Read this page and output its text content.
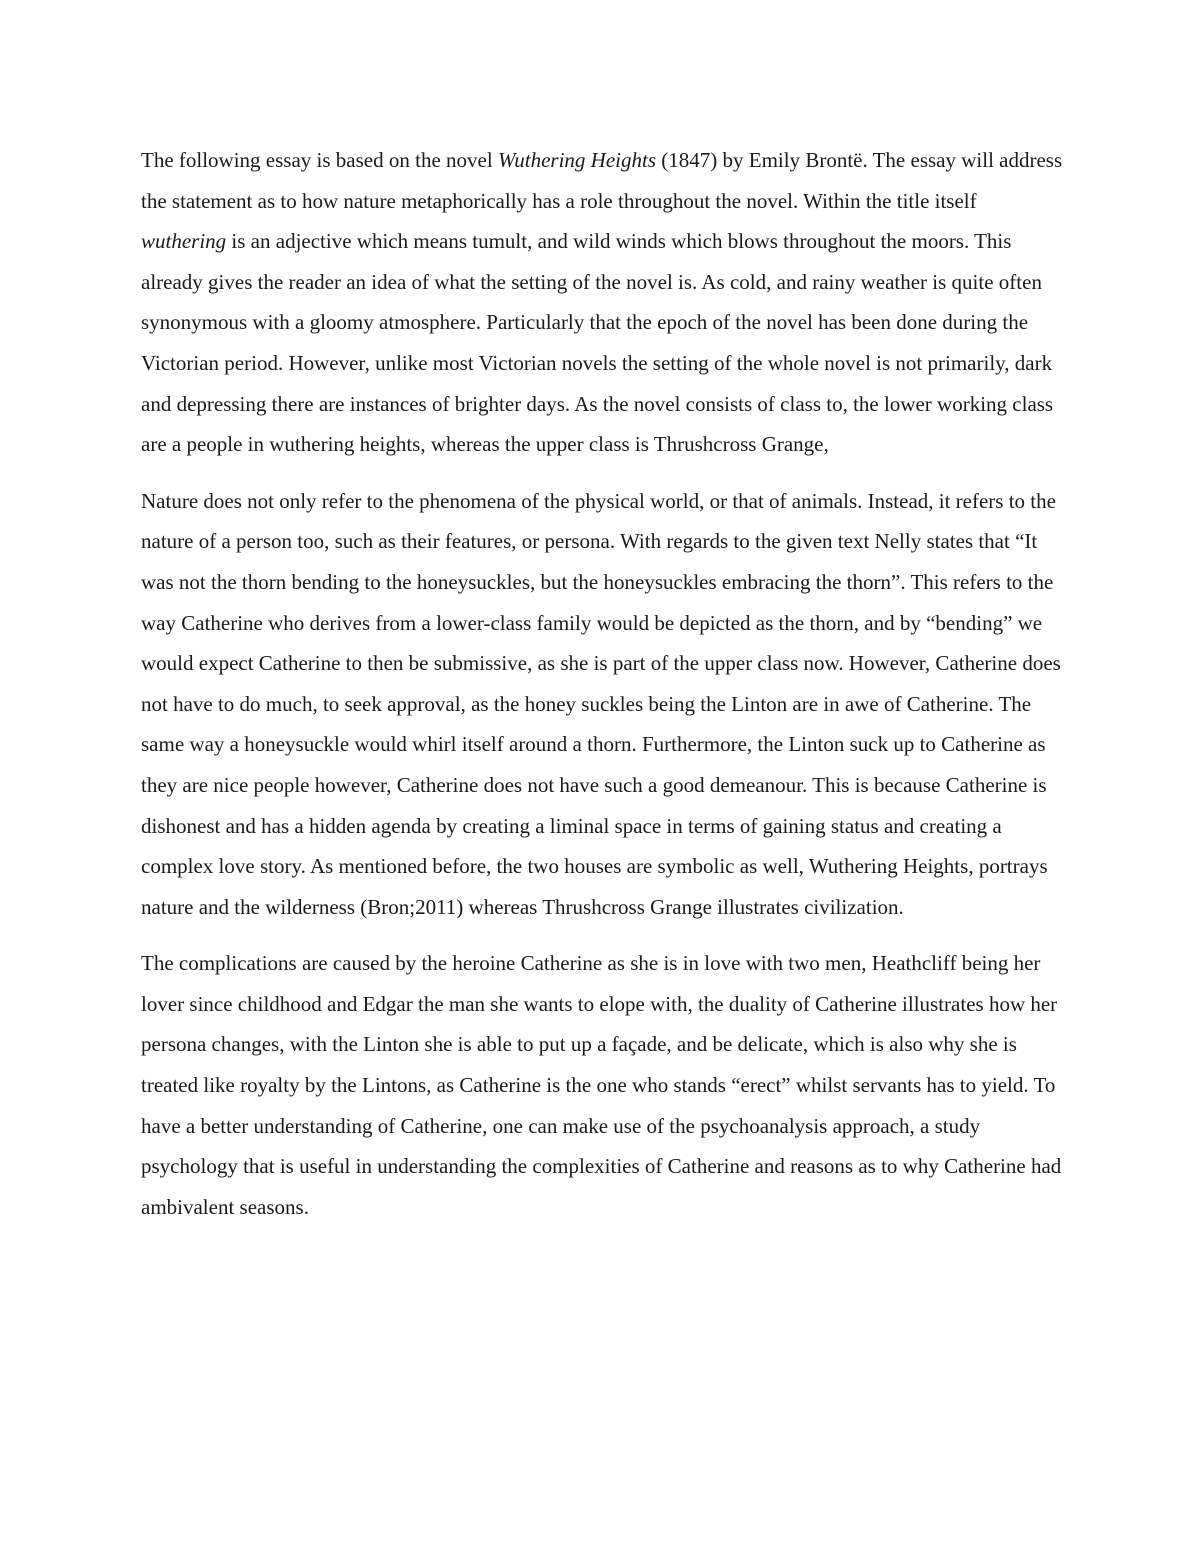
The following essay is based on the novel Wuthering Heights (1847) by Emily Brontë. The essay will address the statement as to how nature metaphorically has a role throughout the novel. Within the title itself wuthering is an adjective which means tumult, and wild winds which blows throughout the moors. This already gives the reader an idea of what the setting of the novel is. As cold, and rainy weather is quite often synonymous with a gloomy atmosphere. Particularly that the epoch of the novel has been done during the Victorian period. However, unlike most Victorian novels the setting of the whole novel is not primarily, dark and depressing there are instances of brighter days. As the novel consists of class to, the lower working class are a people in wuthering heights, whereas the upper class is Thrushcross Grange,

Nature does not only refer to the phenomena of the physical world, or that of animals. Instead, it refers to the nature of a person too, such as their features, or persona. With regards to the given text Nelly states that “It was not the thorn bending to the honeysuckles, but the honeysuckles embracing the thorn”. This refers to the way Catherine who derives from a lower-class family would be depicted as the thorn, and by “bending” we would expect Catherine to then be submissive, as she is part of the upper class now. However, Catherine does not have to do much, to seek approval, as the honey suckles being the Linton are in awe of Catherine. The same way a honeysuckle would whirl itself around a thorn. Furthermore, the Linton suck up to Catherine as they are nice people however, Catherine does not have such a good demeanour. This is because Catherine is dishonest and has a hidden agenda by creating a liminal space in terms of gaining status and creating a complex love story. As mentioned before, the two houses are symbolic as well, Wuthering Heights, portrays nature and the wilderness (Bron;2011) whereas Thrushcross Grange illustrates civilization.

The complications are caused by the heroine Catherine as she is in love with two men, Heathcliff being her lover since childhood and Edgar the man she wants to elope with, the duality of Catherine illustrates how her persona changes, with the Linton she is able to put up a façade, and be delicate, which is also why she is treated like royalty by the Lintons, as Catherine is the one who stands “erect” whilst servants has to yield. To have a better understanding of Catherine, one can make use of the psychoanalysis approach, a study psychology that is useful in understanding the complexities of Catherine and reasons as to why Catherine had ambivalent seasons.
